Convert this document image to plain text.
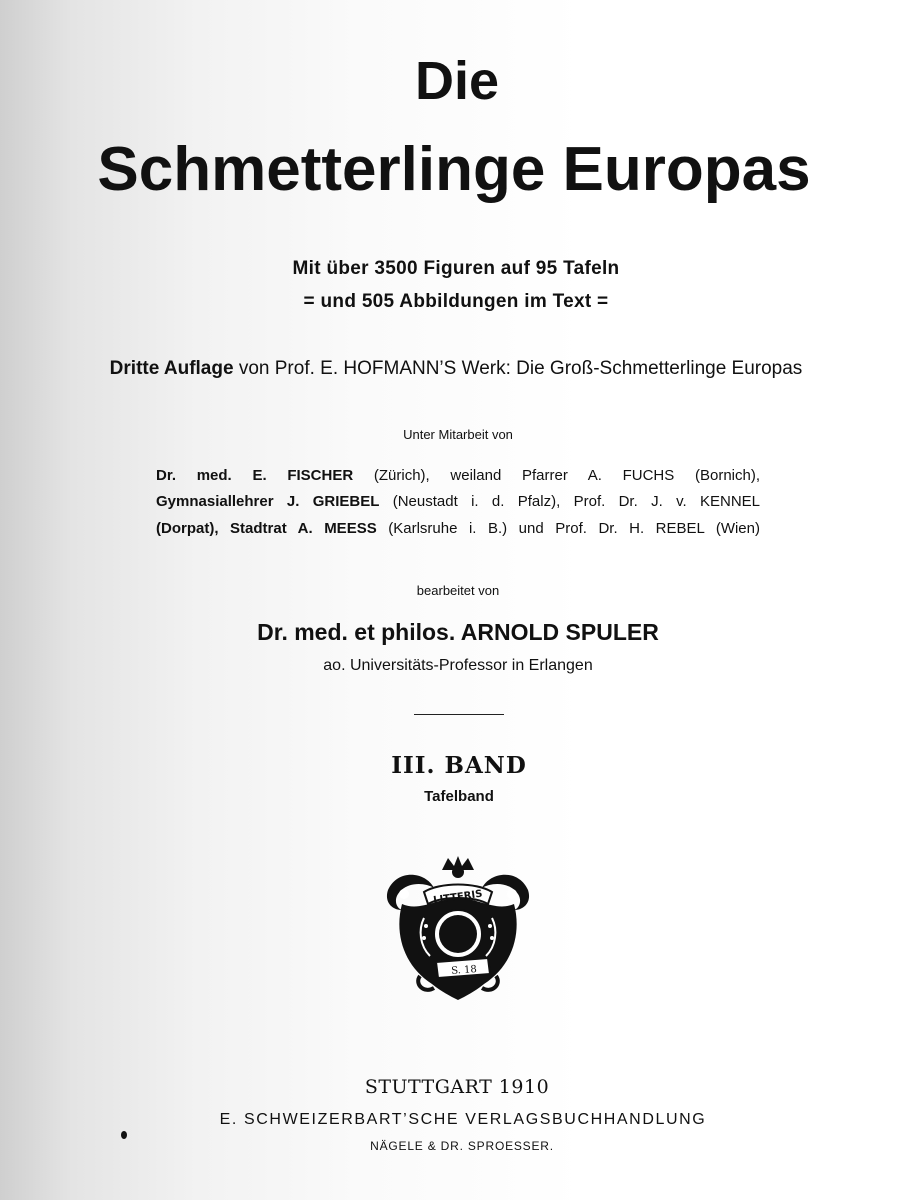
Die
Schmetterlinge Europas
Mit über 3500 Figuren auf 95 Tafeln
= und 505 Abbildungen im Text =
Dritte Auflage von Prof. E. HOFMANN’S Werk: Die Groß-Schmetterlinge Europas
Unter Mitarbeit von
Dr. med. E. FISCHER (Zürich), weiland Pfarrer A. FUCHS (Bornich),
Gymnasiallehrer J. GRIEBEL (Neustadt i. d. Pfalz), Prof. Dr. J. v. KENNEL
(Dorpat), Stadtrat A. MEESS (Karlsruhe i. B.) und Prof. Dr. H. REBEL (Wien)
bearbeitet von
Dr. med. et philos. ARNOLD SPULER
ao. Universitäts-Professor in Erlangen
III. BAND
Tafelband
LITTERIS
S. 18
STUTTGART 1910
E. SCHWEIZERBART’SCHE VERLAGSBUCHHANDLUNG
NÄGELE & DR. SPROESSER.
